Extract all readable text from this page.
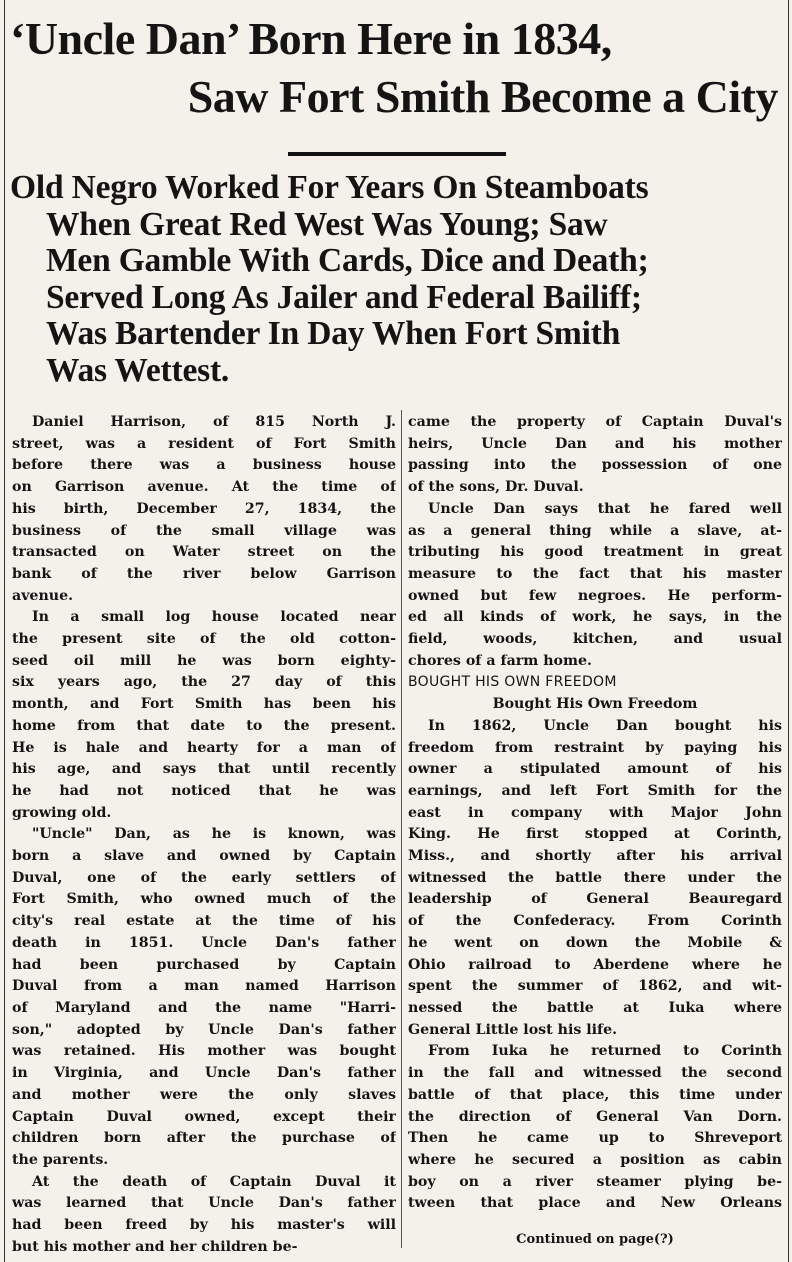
‘Uncle Dan’ Born Here in 1834,
Saw Fort Smith Become a City
Old Negro Worked For Years On Steamboats
When Great Red West Was Young; Saw
Men Gamble With Cards, Dice and Death;
Served Long As Jailer and Federal Bailiff;
Was Bartender In Day When Fort Smith
Was Wettest.
Daniel Harrison, of 815 North J.
street, was a resident of Fort Smith
before there was a business house
on Garrison avenue. At the time of
his birth, December 27, 1834, the
business of the small village was
transacted on Water street on the
bank of the river below Garrison
avenue.
In a small log house located near
the present site of the old cotton-
seed oil mill he was born eighty-
six years ago, the 27 day of this
month, and Fort Smith has been his
home from that date to the present.
He is hale and hearty for a man of
his age, and says that until recently
he had not noticed that he was
growing old.
"Uncle" Dan, as he is known, was
born a slave and owned by Captain
Duval, one of the early settlers of
Fort Smith, who owned much of the
city's real estate at the time of his
death in 1851. Uncle Dan's father
had been purchased by Captain
Duval from a man named Harrison
of Maryland and the name "Harri-
son," adopted by Uncle Dan's father
was retained. His mother was bought
in Virginia, and Uncle Dan's father
and mother were the only slaves
Captain Duval owned, except their
children born after the purchase of
the parents.
At the death of Captain Duval it
was learned that Uncle Dan's father
had been freed by his master's will
but his mother and her children be-
came the property of Captain Duval's
heirs, Uncle Dan and his mother
passing into the possession of one
of the sons, Dr. Duval.
Uncle Dan says that he fared well
as a general thing while a slave, at-
tributing his good treatment in great
measure to the fact that his master
owned but few negroes. He perform-
ed all kinds of work, he says, in the
field, woods, kitchen, and usual
chores of a farm home.
BOUGHT HIS OWN FREEDOM
Bought His Own Freedom
In 1862, Uncle Dan bought his
freedom from restraint by paying his
owner a stipulated amount of his
earnings, and left Fort Smith for the
east in company with Major John
King. He first stopped at Corinth,
Miss., and shortly after his arrival
witnessed the battle there under the
leadership of General Beauregard
of the Confederacy. From Corinth
he went on down the Mobile &
Ohio railroad to Aberdene where he
spent the summer of 1862, and wit-
nessed the battle at Iuka where
General Little lost his life.
From Iuka he returned to Corinth
in the fall and witnessed the second
battle of that place, this time under
the direction of General Van Dorn.
Then he came up to Shreveport
where he secured a position as cabin
boy on a river steamer plying be-
tween that place and New Orleans
Continued on page(?)
